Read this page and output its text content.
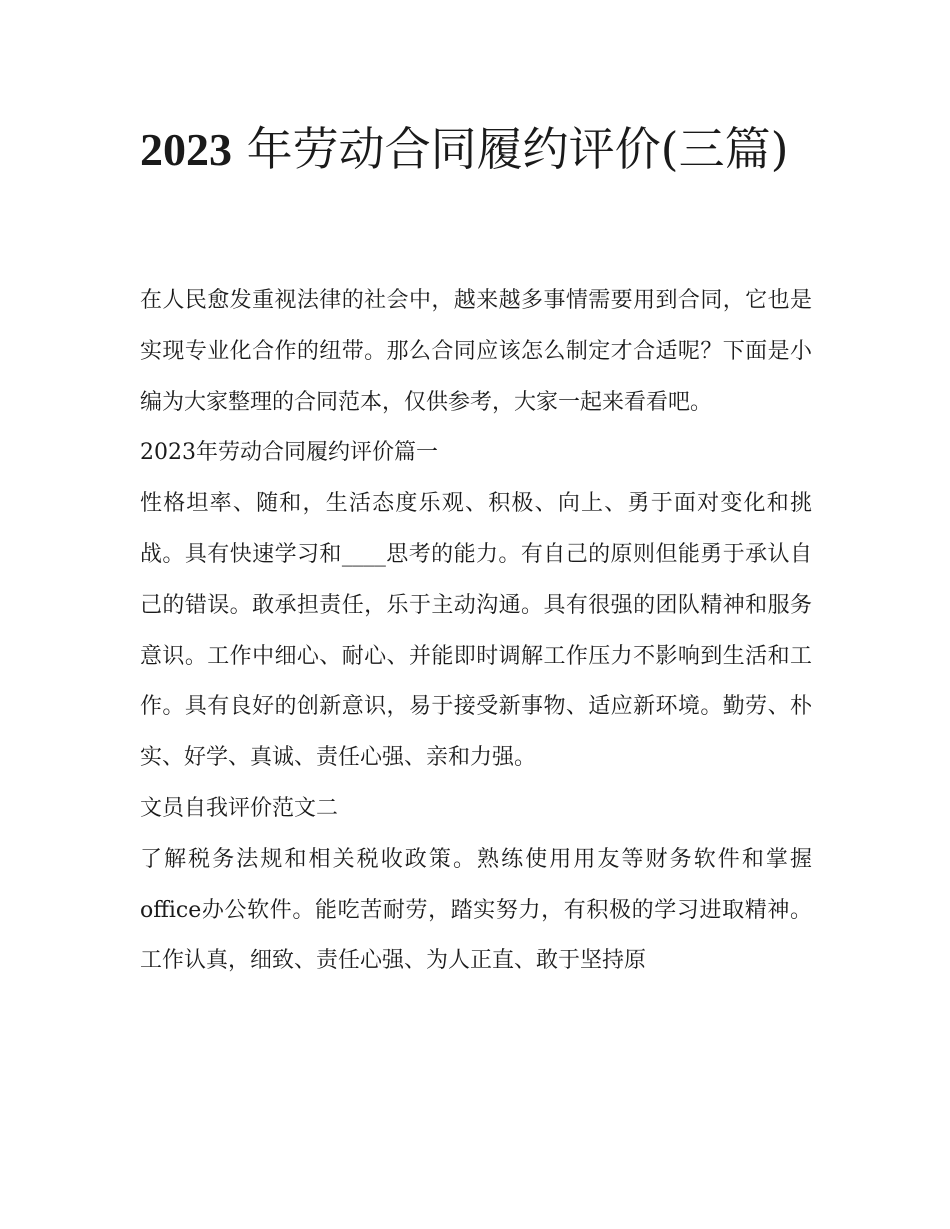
2023 年劳动合同履约评价(三篇)

在人民愈发重视法律的社会中，越来越多事情需要用到合同，它也是实现专业化合作的纽带。那么合同应该怎么制定才合适呢？下面是小编为大家整理的合同范本，仅供参考，大家一起来看看吧。

2023年劳动合同履约评价篇一

性格坦率、随和，生活态度乐观、积极、向上、勇于面对变化和挑战。具有快速学习和____思考的能力。有自己的原则但能勇于承认自己的错误。敢承担责任，乐于主动沟通。具有很强的团队精神和服务意识。工作中细心、耐心、并能即时调解工作压力不影响到生活和工作。具有良好的创新意识，易于接受新事物、适应新环境。勤劳、朴实、好学、真诚、责任心强、亲和力强。

文员自我评价范文二

了解税务法规和相关税收政策。熟练使用用友等财务软件和掌握office办公软件。能吃苦耐劳，踏实努力，有积极的学习进取精神。工作认真，细致、责任心强、为人正直、敢于坚持原
